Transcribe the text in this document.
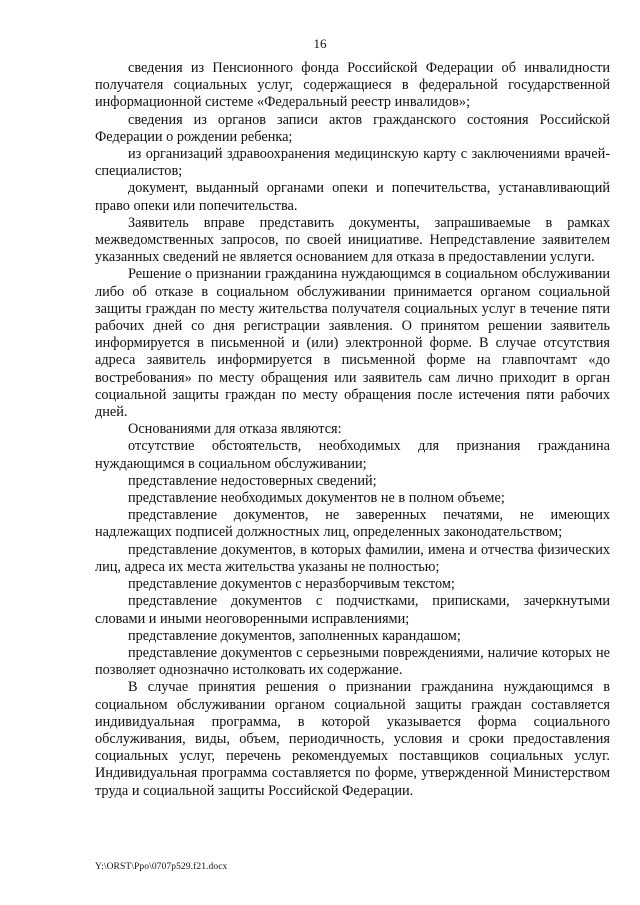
16

сведения из Пенсионного фонда Российской Федерации об инвалидности получателя социальных услуг, содержащиеся в федеральной государственной информационной системе «Федеральный реестр инвалидов»;

сведения из органов записи актов гражданского состояния Российской Федерации о рождении ребенка;

из организаций здравоохранения медицинскую карту с заключениями врачей-специалистов;

документ, выданный органами опеки и попечительства, устанавливающий право опеки или попечительства.

Заявитель вправе представить документы, запрашиваемые в рамках межведомственных запросов, по своей инициативе. Непредставление заявителем указанных сведений не является основанием для отказа в предоставлении услуги.

Решение о признании гражданина нуждающимся в социальном обслуживании либо об отказе в социальном обслуживании принимается органом социальной защиты граждан по месту жительства получателя социальных услуг в течение пяти рабочих дней со дня регистрации заявления. О принятом решении заявитель информируется в письменной и (или) электронной форме. В случае отсутствия адреса заявитель информируется в письменной форме на главпочтамт «до востребования» по месту обращения или заявитель сам лично приходит в орган социальной защиты граждан по месту обращения после истечения пяти рабочих дней.

Основаниями для отказа являются:

отсутствие обстоятельств, необходимых для признания гражданина нуждающимся в социальном обслуживании;

представление недостоверных сведений;

представление необходимых документов не в полном объеме;

представление документов, не заверенных печатями, не имеющих надлежащих подписей должностных лиц, определенных законодательством;

представление документов, в которых фамилии, имена и отчества физических лиц, адреса их места жительства указаны не полностью;

представление документов с неразборчивым текстом;

представление документов с подчистками, приписками, зачеркнутыми словами и иными неоговоренными исправлениями;

представление документов, заполненных карандашом;

представление документов с серьезными повреждениями, наличие которых не позволяет однозначно истолковать их содержание.

В случае принятия решения о признании гражданина нуждающимся в социальном обслуживании органом социальной защиты граждан составляется индивидуальная программа, в которой указывается форма социального обслуживания, виды, объем, периодичность, условия и сроки предоставления социальных услуг, перечень рекомендуемых поставщиков социальных услуг. Индивидуальная программа составляется по форме, утвержденной Министерством труда и социальной защиты Российской Федерации.

Y:\ORST\Ppo\0707p529.f21.docx
